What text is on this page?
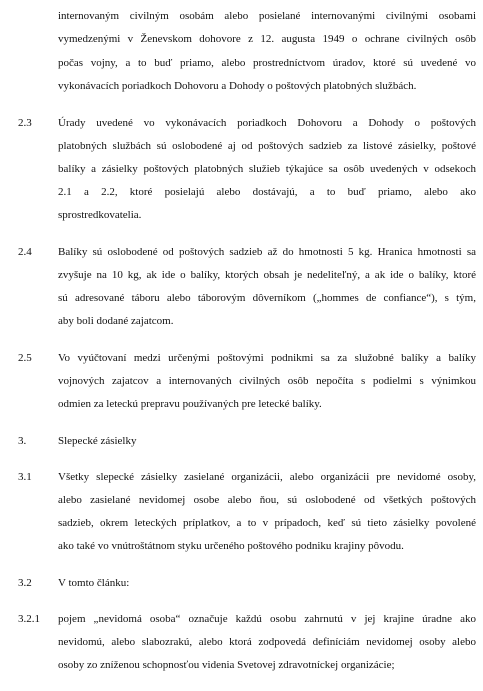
internovaným civilným osobám alebo posielané internovanými civilnými osobami
vymedzenými v Ženevskom dohovore z 12. augusta 1949 o ochrane civilných osôb
počas vojny, a to buď priamo, alebo prostredníctvom úradov, ktoré sú uvedené vo
vykonávacích poriadkoch Dohovoru a Dohody o poštových platobných službách.
2.3 Úrady uvedené vo vykonávacích poriadkoch Dohovoru a Dohody o poštových
platobných službách sú oslobodené aj od poštových sadzieb za listové zásielky, poštové
balíky a zásielky poštových platobných služieb týkajúce sa osôb uvedených v odsekoch
2.1 a 2.2, ktoré posielajú alebo dostávajú, a to buď priamo, alebo ako
sprostredkovatelia.
2.4 Balíky sú oslobodené od poštových sadzieb až do hmotnosti 5 kg. Hranica hmotnosti sa
zvyšuje na 10 kg, ak ide o balíky, ktorých obsah je nedeliteľný, a ak ide o balíky, ktoré
sú adresované táboru alebo táborovým dôverníkom („hommes de confiance“), s tým,
aby boli dodané zajatcom.
2.5 Vo vyúčtovaní medzi určenými poštovými podnikmi sa za služobné balíky a balíky
vojnových zajatcov a internovaných civilných osôb nepočíta s podielmi s výnimkou
odmien za leteckú prepravu používaných pre letecké balíky.
3.	Slepecké zásielky
3.1 Všetky slepecké zásielky zasielané organizácii, alebo organizácii pre nevidomé osoby,
alebo zasielané nevidomej osobe alebo ňou, sú oslobodené od všetkých poštových
sadzieb, okrem leteckých príplatkov, a to v prípadoch, keď sú tieto zásielky povolené
ako také vo vnútroštátnom styku určeného poštového podniku krajiny pôvodu.
3.2 V tomto článku:
3.2.1 pojem „nevidomá osoba“ označuje každú osobu zahrnutú v jej krajine úradne ako
nevidomú, alebo slabozrakú, alebo ktorá zodpovedá definíciám nevidomej osoby alebo
osoby zo zníženou schopnosťou videnia Svetovej zdravotníckej organizácie;
